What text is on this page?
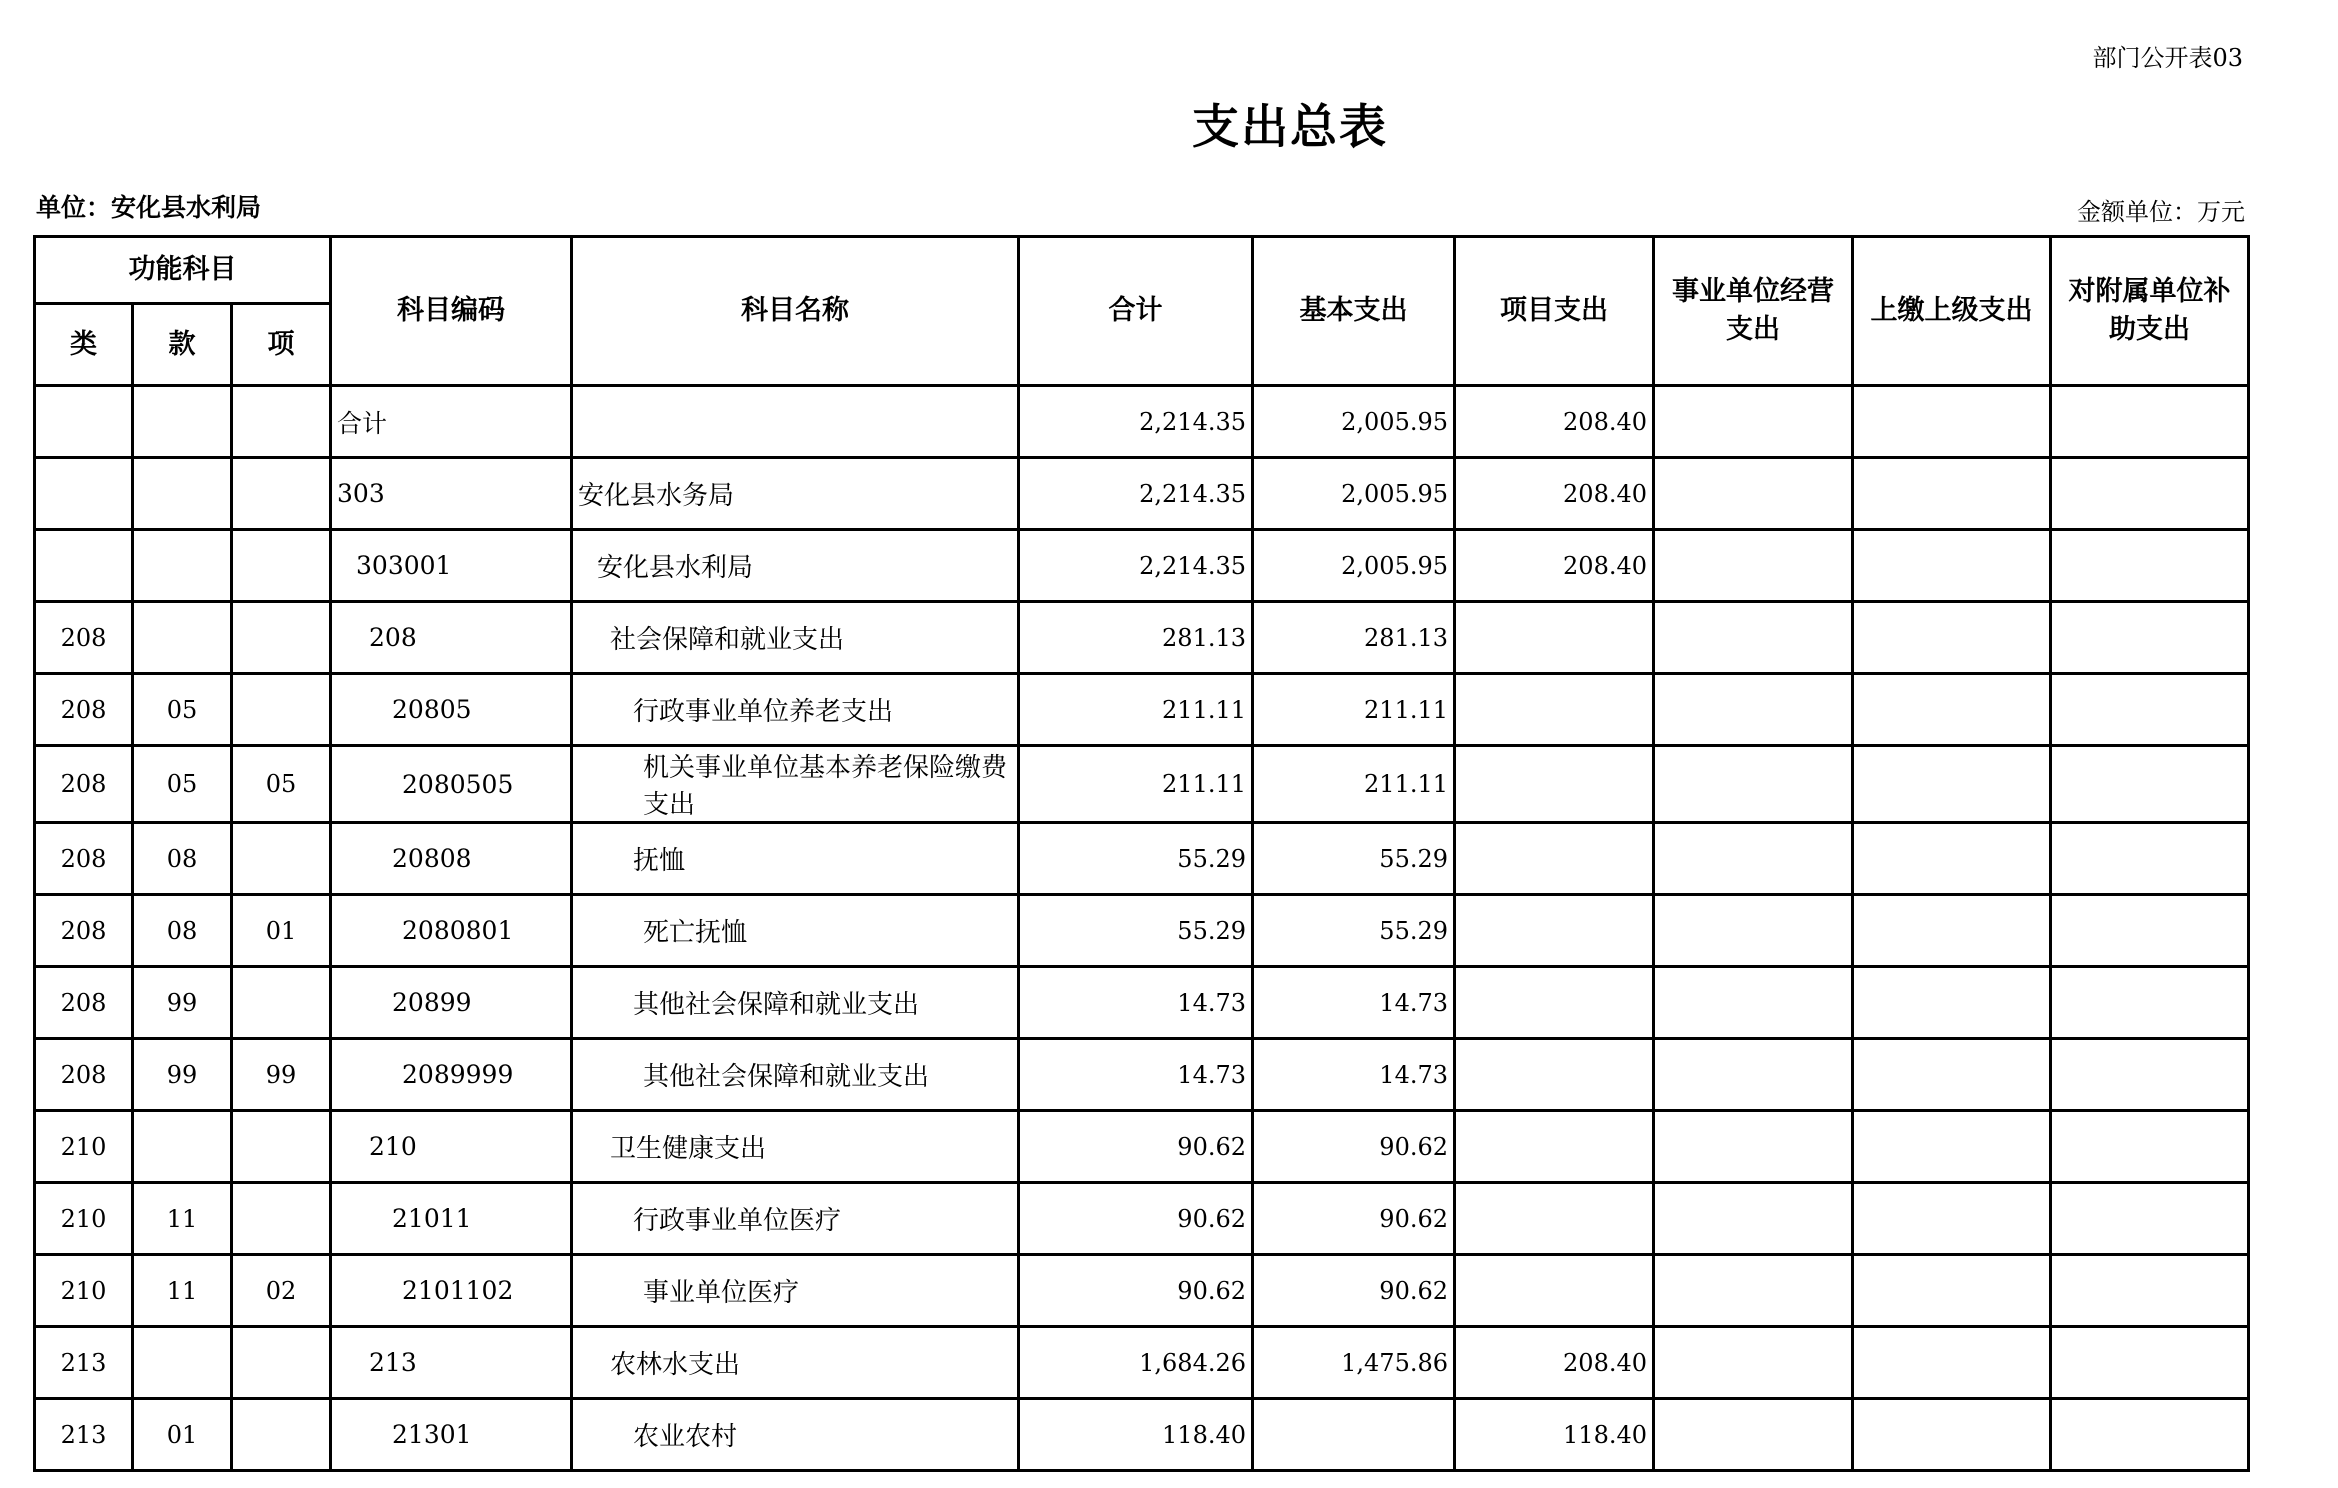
部门公开表03
支出总表
单位：安化县水利局	金额单位：万元
功能科目			科目编码	科目名称	合计	基本支出	项目支出	事业单位经营支出	上缴上级支出	对附属单位补助支出
类	款	项								
			合计		2,214.35	2,005.95	208.40			
			303	安化县水务局	2,214.35	2,005.95	208.40			
			303001	安化县水利局	2,214.35	2,005.95	208.40			
208			208	社会保障和就业支出	281.13	281.13				
208	05		20805	行政事业单位养老支出	211.11	211.11				
208	05	05	2080505	机关事业单位基本养老保险缴费支出	211.11	211.11				
208	08		20808	抚恤	55.29	55.29				
208	08	01	2080801	死亡抚恤	55.29	55.29				
208	99		20899	其他社会保障和就业支出	14.73	14.73				
208	99	99	2089999	其他社会保障和就业支出	14.73	14.73				
210			210	卫生健康支出	90.62	90.62				
210	11		21011	行政事业单位医疗	90.62	90.62				
210	11	02	2101102	事业单位医疗	90.62	90.62				
213			213	农林水支出	1,684.26	1,475.86	208.40			
213	01		21301	农业农村	118.40		118.40			
